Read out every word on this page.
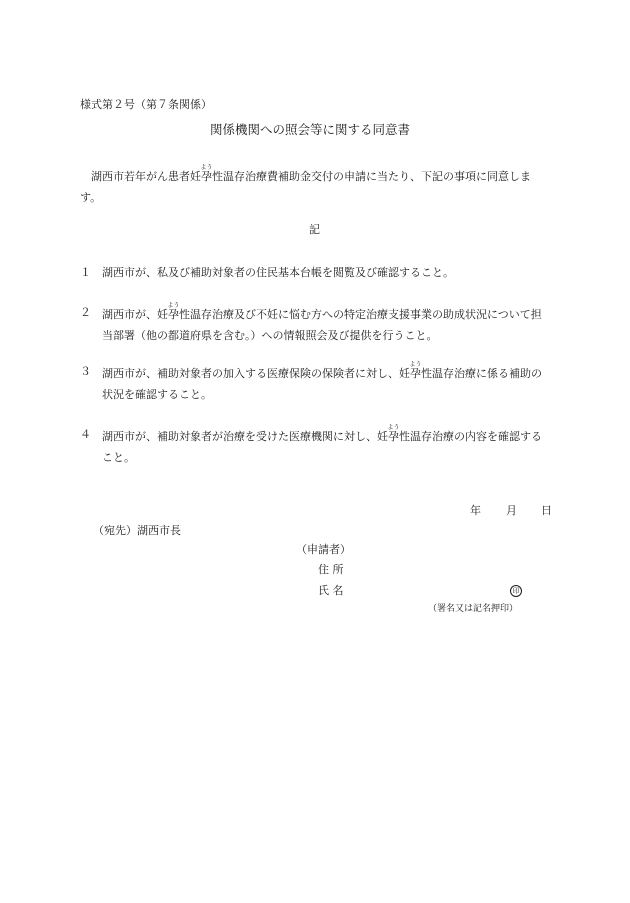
様式第２号（第７条関係）
関係機関への照会等に関する同意書
湖西市若年がん患者妊孕よう性温存治療費補助金交付の申請に当たり、下記の事項に同意します。
記
１ 湖西市が、私及び補助対象者の住民基本台帳を閲覧及び確認すること。
２ 湖西市が、妊孕よう性温存治療及び不妊に悩む方への特定治療支援事業の助成状況について担当部署（他の都道府県を含む。）への情報照会及び提供を行うこと。
３ 湖西市が、補助対象者の加入する医療保険の保険者に対し、妊孕よう性温存治療に係る補助の状況を確認すること。
４ 湖西市が、補助対象者が治療を受けた医療機関に対し、妊孕よう性温存治療の内容を確認すること。
年 月 日
（宛先）湖西市長
（申請者）
住 所
氏 名	印
（署名又は記名押印）
